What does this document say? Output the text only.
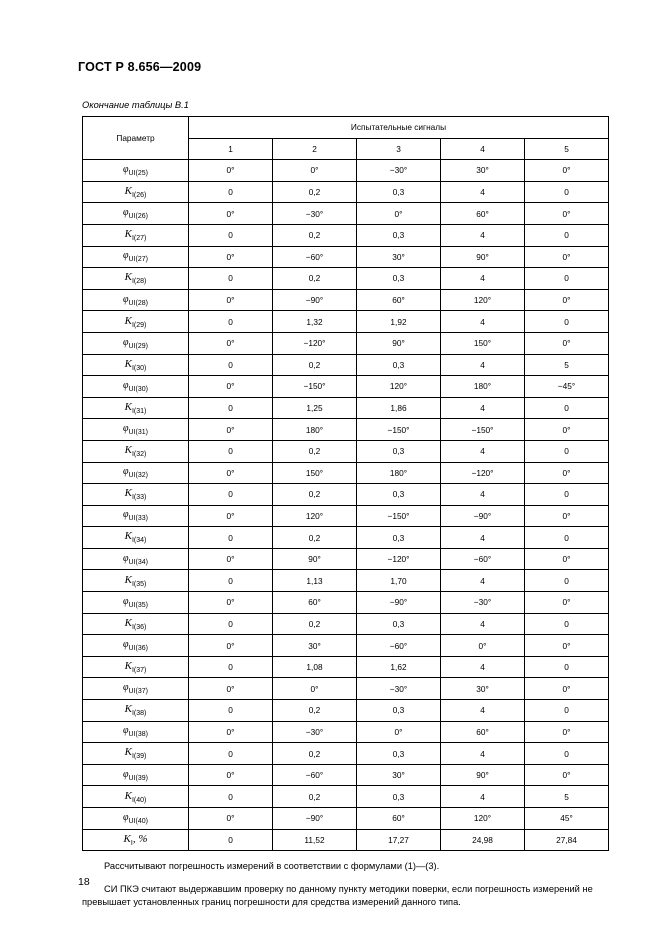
ГОСТ Р 8.656—2009
Окончание таблицы В.1
Параметр	Испытательные сигналы				
	1	2	3	4	5
$\varphi_{UI(25)}$	0°	0°	−30°	30°	0°
$K_{I(26)}$	0	0,2	0,3	4	0
$\varphi_{UI(26)}$	0°	−30°	0°	60°	0°
$K_{I(27)}$	0	0,2	0,3	4	0
$\varphi_{UI(27)}$	0°	−60°	30°	90°	0°
$K_{I(28)}$	0	0,2	0,3	4	0
$\varphi_{UI(28)}$	0°	−90°	60°	120°	0°
$K_{I(29)}$	0	1,32	1,92	4	0
$\varphi_{UI(29)}$	0°	−120°	90°	150°	0°
$K_{I(30)}$	0	0,2	0,3	4	5
$\varphi_{UI(30)}$	0°	−150°	120°	180°	−45°
$K_{I(31)}$	0	1,25	1,86	4	0
$\varphi_{UI(31)}$	0°	180°	−150°	−150°	0°
$K_{I(32)}$	0	0,2	0,3	4	0
$\varphi_{UI(32)}$	0°	150°	180°	−120°	0°
$K_{I(33)}$	0	0,2	0,3	4	0
$\varphi_{UI(33)}$	0°	120°	−150°	−90°	0°
$K_{I(34)}$	0	0,2	0,3	4	0
$\varphi_{UI(34)}$	0°	90°	−120°	−60°	0°
$K_{I(35)}$	0	1,13	1,70	4	0
$\varphi_{UI(35)}$	0°	60°	−90°	−30°	0°
$K_{I(36)}$	0	0,2	0,3	4	0
$\varphi_{UI(36)}$	0°	30°	−60°	0°	0°
$K_{I(37)}$	0	1,08	1,62	4	0
$\varphi_{UI(37)}$	0°	0°	−30°	30°	0°
$K_{I(38)}$	0	0,2	0,3	4	0
$\varphi_{UI(38)}$	0°	−30°	0°	60°	0°
$K_{I(39)}$	0	0,2	0,3	4	0
$\varphi_{UI(39)}$	0°	−60°	30°	90°	0°
$K_{I(40)}$	0	0,2	0,3	4	5
$\varphi_{UI(40)}$	0°	−90°	60°	120°	45°
$K_I$, %	0	11,52	17,27	24,98	27,84
Рассчитывают погрешность измерений в соответствии с формулами (1)—(3).
СИ ПКЭ считают выдержавшим проверку по данному пункту методики поверки, если погрешность измерений не превышает установленных границ погрешности для средства измерений данного типа.
18
